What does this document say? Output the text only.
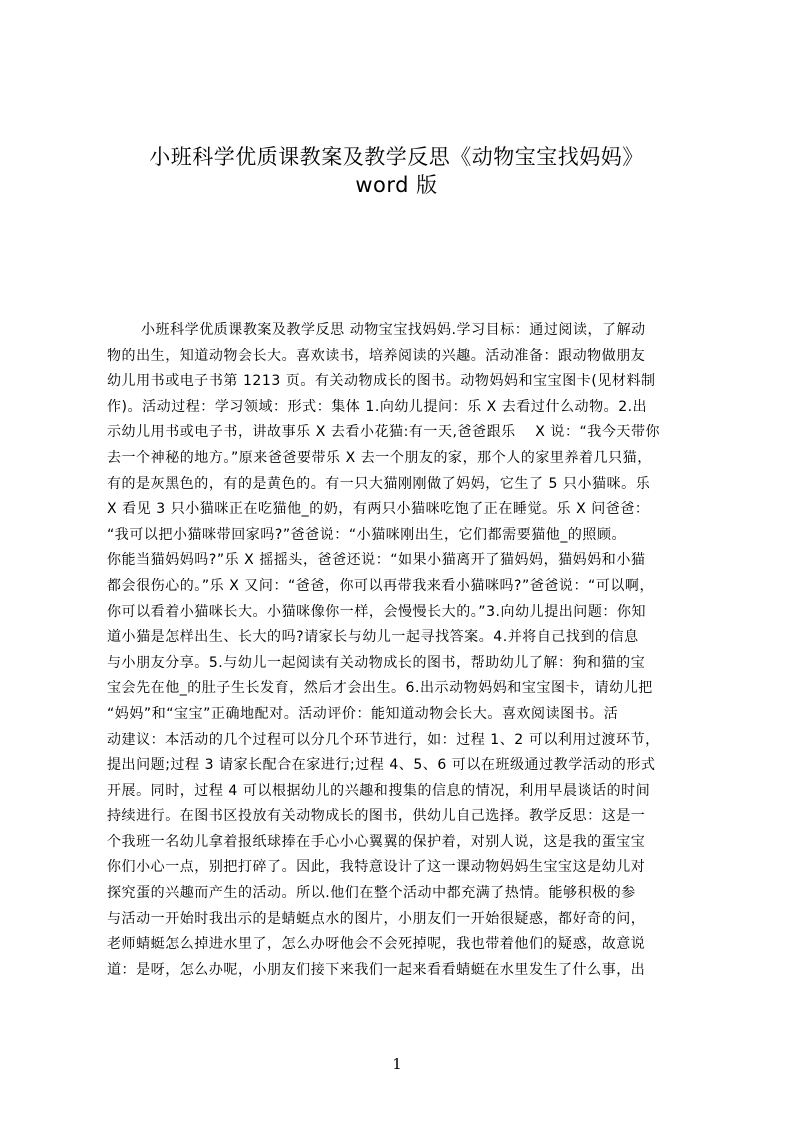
小班科学优质课教案及教学反思《动物宝宝找妈妈》
word 版
小班科学优质课教案及教学反思 动物宝宝找妈妈.学习目标：通过阅读，了解动
物的出生，知道动物会长大。喜欢读书，培养阅读的兴趣。活动准备：跟动物做朋友
幼儿用书或电子书第 1213 页。有关动物成长的图书。动物妈妈和宝宝图卡(见材料制
作)。活动过程：学习领域：形式：集体 1.向幼儿提问：乐 X 去看过什么动物。2.出
示幼儿用书或电子书，讲故事乐 X 去看小花猫:有一天,爸爸跟乐　 X 说：“我今天带你
去一个神秘的地方。”原来爸爸要带乐 X 去一个朋友的家，那个人的家里养着几只猫，
有的是灰黑色的，有的是黄色的。有一只大猫刚刚做了妈妈，它生了 5 只小猫咪。乐
X 看见 3 只小猫咪正在吃猫他_的奶，有两只小猫咪吃饱了正在睡觉。乐 X 问爸爸：
“我可以把小猫咪带回家吗?”爸爸说：“小猫咪刚出生，它们都需要猫他_的照顾。
你能当猫妈妈吗?”乐 X 摇摇头，爸爸还说：“如果小猫离开了猫妈妈，猫妈妈和小猫
都会很伤心的。”乐 X 又问：“爸爸，你可以再带我来看小猫咪吗?”爸爸说：“可以啊，
你可以看着小猫咪长大。小猫咪像你一样，会慢慢长大的。”3.向幼儿提出问题：你知
道小猫是怎样出生、长大的吗?请家长与幼儿一起寻找答案。4.并将自己找到的信息
与小朋友分享。5.与幼儿一起阅读有关动物成长的图书，帮助幼儿了解：狗和猫的宝
宝会先在他_的肚子生长发育，然后才会出生。6.出示动物妈妈和宝宝图卡，请幼儿把
“妈妈”和“宝宝”正确地配对。活动评价：能知道动物会长大。喜欢阅读图书。活
动建议：本活动的几个过程可以分几个环节进行，如：过程 1、2 可以利用过渡环节，
提出问题;过程 3 请家长配合在家进行;过程 4、5、6 可以在班级通过教学活动的形式
开展。同时，过程 4 可以根据幼儿的兴趣和搜集的信息的情况，利用早晨谈话的时间
持续进行。在图书区投放有关动物成长的图书，供幼儿自己选择。教学反思：这是一
个我班一名幼儿拿着报纸球捧在手心小心翼翼的保护着，对别人说，这是我的蛋宝宝
你们小心一点，别把打碎了。因此，我特意设计了这一课动物妈妈生宝宝这是幼儿对
探究蛋的兴趣而产生的活动。所以.他们在整个活动中都充满了热情。能够积极的参
与活动一开始时我出示的是蜻蜓点水的图片，小朋友们一开始很疑惑，都好奇的问，
老师蜻蜓怎么掉进水里了，怎么办呀他会不会死掉呢，我也带着他们的疑惑，故意说
道：是呀，怎么办呢，小朋友们接下来我们一起来看看蜻蜓在水里发生了什么事，出
1
